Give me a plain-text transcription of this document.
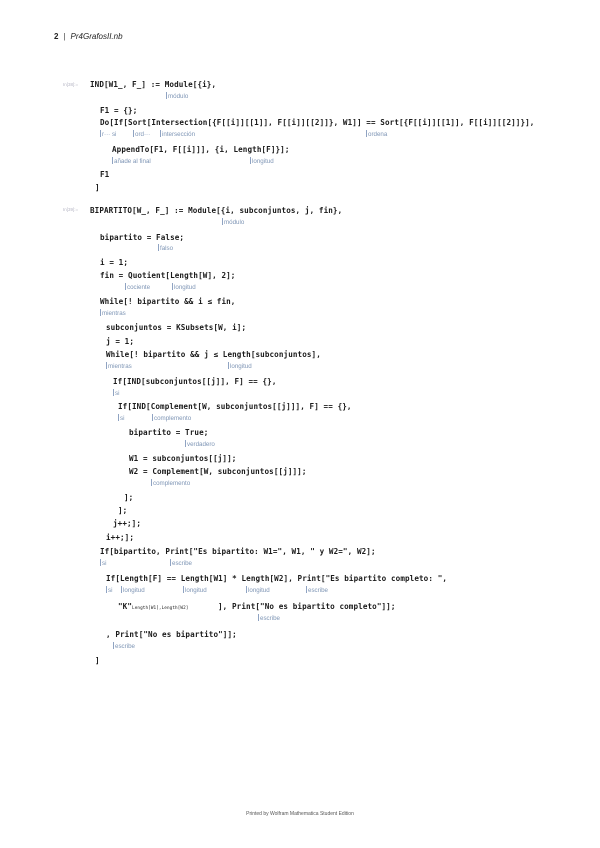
2 | Pr4GrafosII.nb
In[38]:=
In[39]:=
IND[W1_, F_] := Module[{i},
F1 = {};
Do[If[Sort[Intersection[{F[[i]][[1]], F[[i]][[2]]}, W1]] == Sort[{F[[i]][[1]], F[[i]][[2]]}],
AppendTo[F1, F[[i]]], {i, Length[F]}];
F1
]
módulo
r··· si	ord···	intersección	ordena
añade al final	longitud
BIPARTITO[W_, F_] := Module[{i, subconjuntos, j, fin},
bipartito = False;
i = 1;
fin = Quotient[Length[W], 2];
While[! bipartito && i ≤ fin,
subconjuntos = KSubsets[W, i];
j = 1;
While[! bipartito && j ≤ Length[subconjuntos],
If[IND[subconjuntos[[j]], F] == {},
If[IND[Complement[W, subconjuntos[[j]]], F] == {},
bipartito = True;
W1 = subconjuntos[[j]];
W2 = Complement[W, subconjuntos[[j]]];
];
];
j++;];
i++;];
If[bipartito, Print["Es bipartito: W1=", W1, " y W2=", W2];
If[Length[F] == Length[W1] * Length[W2], Print["Es bipartito completo: ",
"K"Length[W1],Length[W2]	], Print["No es bipartito completo"]];
, Print["No es bipartito"]];
]
módulo
falso
cociente	longitud
mientras
mientras	longitud
si
si	complemento
verdadero
complemento
si	escribe
si	longitud	longitud	longitud	escribe
escribe
escribe
Printed by Wolfram Mathematica Student Edition
